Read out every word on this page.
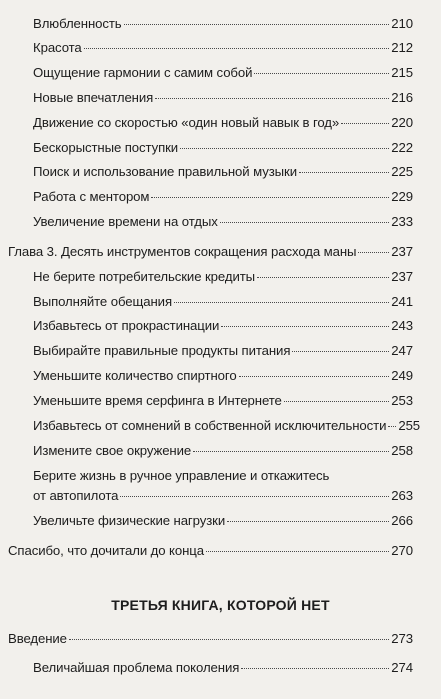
Влюбленность	210
Красота	212
Ощущение гармонии с самим собой	215
Новые впечатления	216
Движение со скоростью «один новый навык в год»	220
Бескорыстные поступки	222
Поиск и использование правильной музыки	225
Работа с ментором	229
Увеличение времени на отдых	233
Глава 3. Десять инструментов сокращения расхода маны	237
Не берите потребительские кредиты	237
Выполняйте обещания	241
Избавьтесь от прокрастинации	243
Выбирайте правильные продукты питания	247
Уменьшите количество спиртного	249
Уменьшите время серфинга в Интернете	253
Избавьтесь от сомнений в собственной исключительности 255
Измените свое окружение	258
Берите жизнь в ручное управление и откажитесь
от автопилота	263
Увеличьте физические нагрузки	266
Спасибо, что дочитали до конца	270
ТРЕТЬЯ КНИГА, КОТОРОЙ НЕТ
Введение	273
Величайшая проблема поколения	274
